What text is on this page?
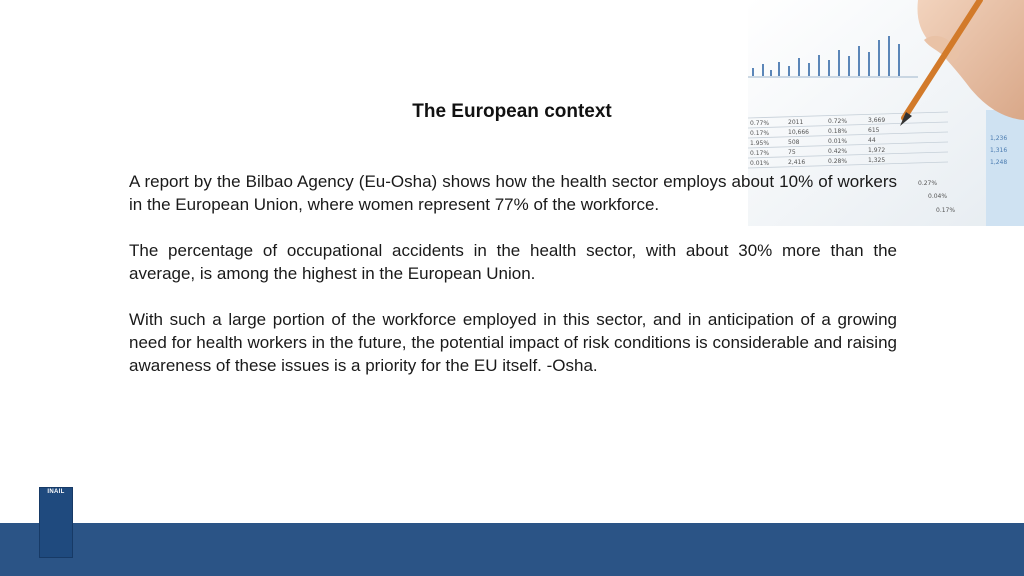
0.77%	2011	0.72%	3,669
0.17%	10,666	0.18%	615
1.95%	508	0.01%	44
0.17%	75	0.42%	1,972
0.01%	2,416	0.28%	1,325
0.27%
0.04%
0.17%
1,236
1,316
1,248
The European context

A report by the Bilbao Agency (Eu-Osha) shows how the health sector employs about 10% of workers in the European Union, where women represent 77% of the workforce.

The percentage of occupational accidents in the health sector, with about 30% more than the average, is among the highest in the European Union.

With such a large portion of the workforce employed in this sector, and in anticipation of a growing need for health workers in the future, the potential impact of risk conditions is considerable and raising awareness of these issues is a priority for the EU itself. -Osha.

INAIL
